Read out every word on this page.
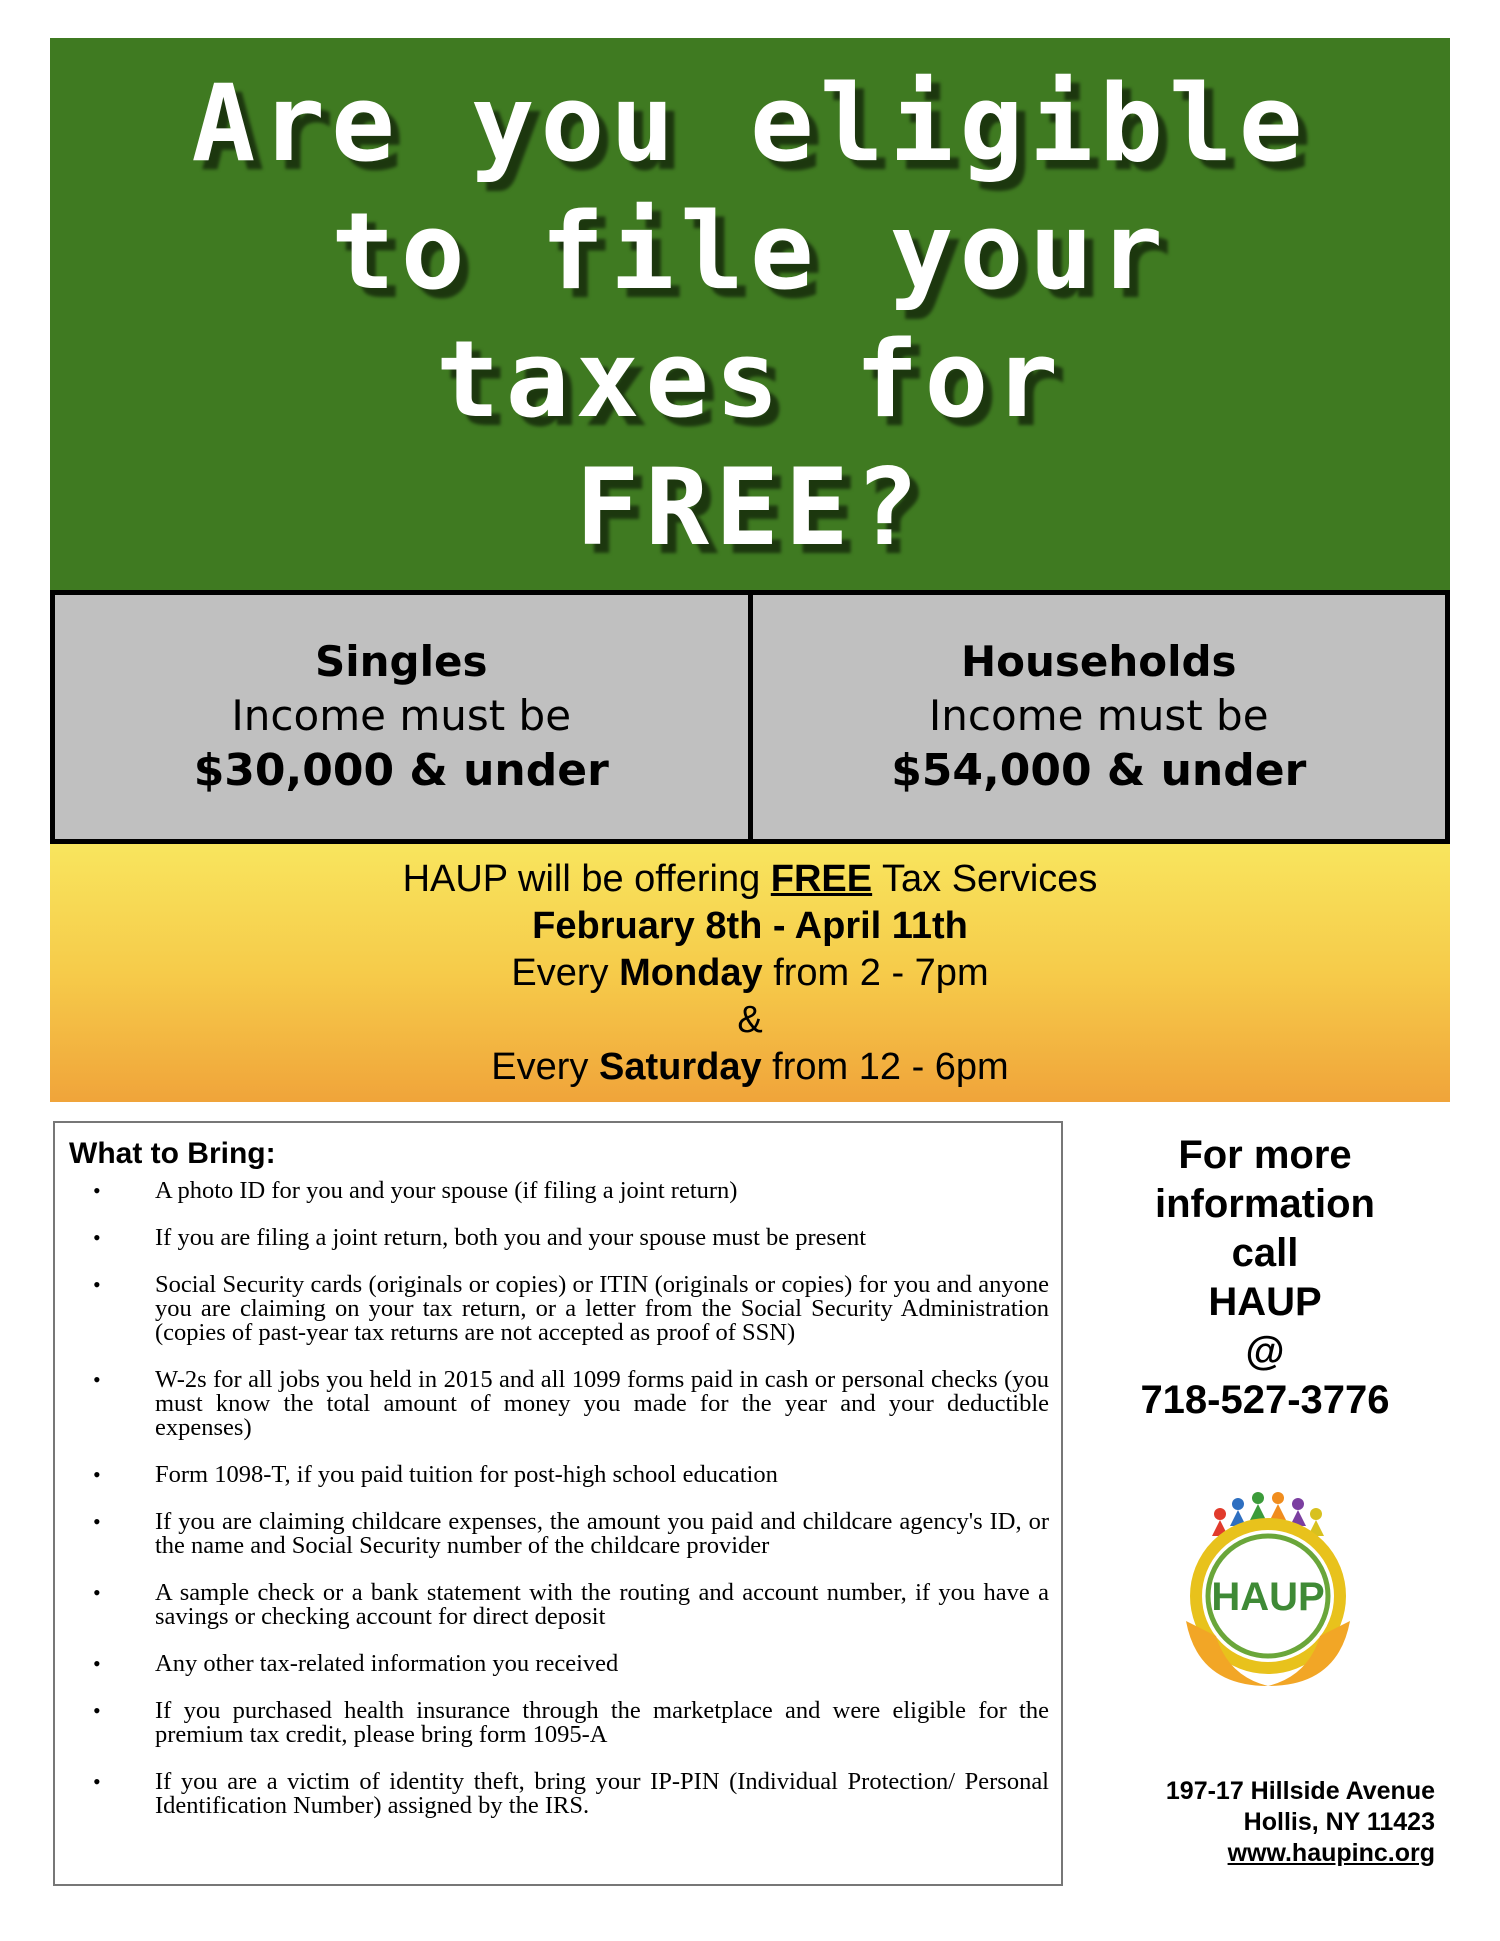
Are you eligible
to file your
taxes for
FREE?
Singles
Income must be
$30,000 & under
Households
Income must be
$54,000 & under
HAUP will be offering FREE Tax Services
February 8th - April 11th
Every Monday from 2 - 7pm
&
Every Saturday from 12 - 6pm
What to Bring:
• A photo ID for you and your spouse (if filing a joint return)
• If you are filing a joint return, both you and your spouse must be present
• Social Security cards (originals or copies) or ITIN (originals or copies) for you and anyone you are claiming on your tax return, or a letter from the Social Security Administration (copies of past-year tax returns are not accepted as proof of SSN)
• W-2s for all jobs you held in 2015 and all 1099 forms paid in cash or personal checks (you must know the total amount of money you made for the year and your deductible expenses)
• Form 1098-T, if you paid tuition for post-high school education
• If you are claiming childcare expenses, the amount you paid and childcare agency's ID, or the name and Social Security number of the childcare provider
• A sample check or a bank statement with the routing and account number, if you have a savings or checking account for direct deposit
• Any other tax-related information you received
• If you purchased health insurance through the marketplace and were eligible for the premium tax credit, please bring form 1095-A
• If you are a victim of identity theft, bring your IP-PIN (Individual Protection/ Personal Identification Number) assigned by the IRS.
For more
information
call
HAUP
@
718-527-3776
HAUP
197-17 Hillside Avenue
Hollis, NY 11423
www.haupinc.org
